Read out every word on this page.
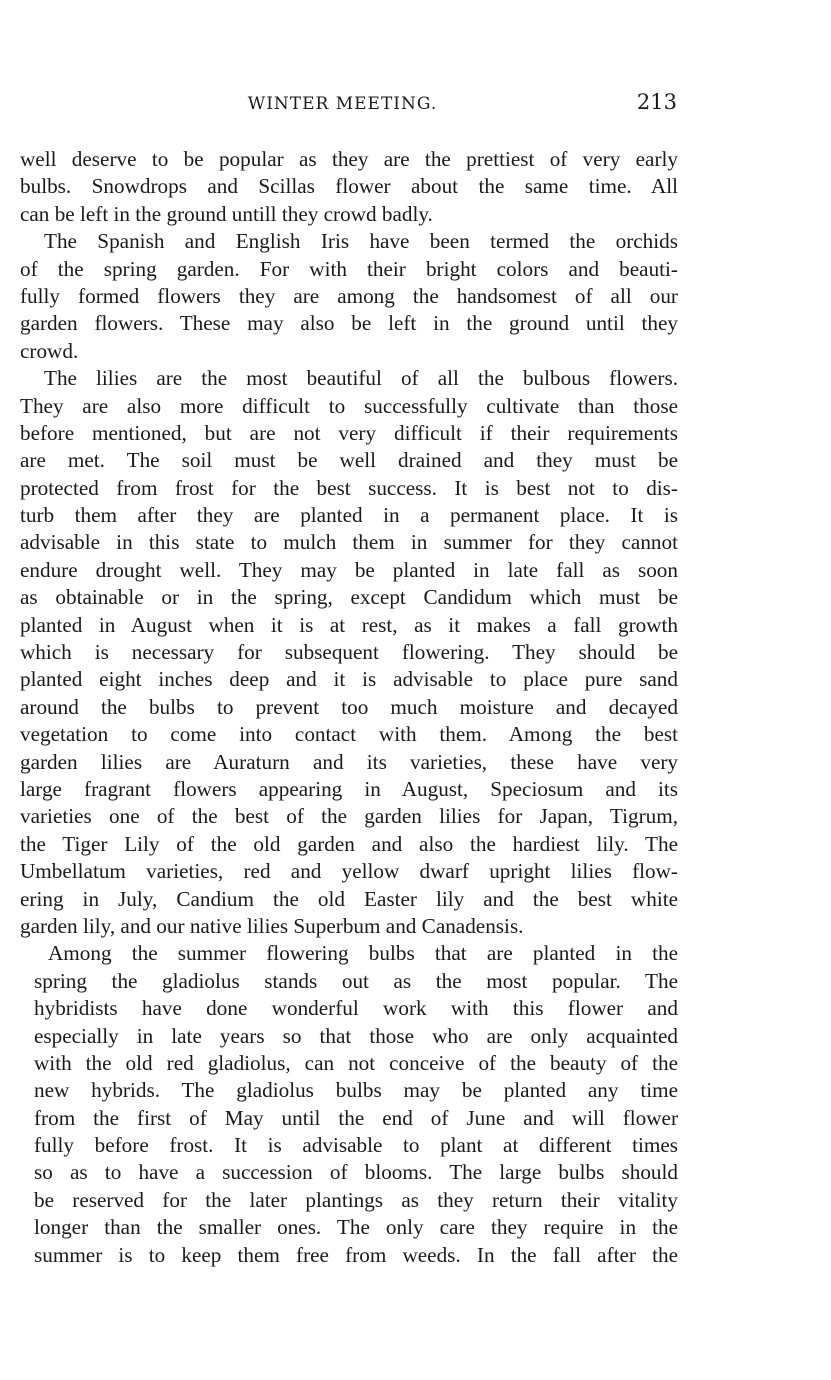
WINTER MEETING.	213
well deserve to be popular as they are the prettiest of very early
bulbs. Snowdrops and Scillas flower about the same time. All
can be left in the ground untill they crowd badly.
The Spanish and English Iris have been termed the orchids
of the spring garden. For with their bright colors and beauti-
fully formed flowers they are among the handsomest of all our
garden flowers. These may also be left in the ground until they
crowd.
The lilies are the most beautiful of all the bulbous flowers.
They are also more difficult to successfully cultivate than those
before mentioned, but are not very difficult if their requirements
are met. The soil must be well drained and they must be
protected from frost for the best success. It is best not to dis-
turb them after they are planted in a permanent place. It is
advisable in this state to mulch them in summer for they cannot
endure drought well. They may be planted in late fall as soon
as obtainable or in the spring, except Candidum which must be
planted in August when it is at rest, as it makes a fall growth
which is necessary for subsequent flowering. They should be
planted eight inches deep and it is advisable to place pure sand
around the bulbs to prevent too much moisture and decayed
vegetation to come into contact with them. Among the best
garden lilies are Auraturn and its varieties, these have very
large fragrant flowers appearing in August, Speciosum and its
varieties one of the best of the garden lilies for Japan, Tigrum,
the Tiger Lily of the old garden and also the hardiest lily. The
Umbellatum varieties, red and yellow dwarf upright lilies flow-
ering in July, Candium the old Easter lily and the best white
garden lily, and our native lilies Superbum and Canadensis.
Among the summer flowering bulbs that are planted in the
spring the gladiolus stands out as the most popular. The
hybridists have done wonderful work with this flower and
especially in late years so that those who are only acquainted
with the old red gladiolus, can not conceive of the beauty of the
new hybrids. The gladiolus bulbs may be planted any time
from the first of May until the end of June and will flower
fully before frost. It is advisable to plant at different times
so as to have a succession of blooms. The large bulbs should
be reserved for the later plantings as they return their vitality
longer than the smaller ones. The only care they require in the
summer is to keep them free from weeds. In the fall after the
